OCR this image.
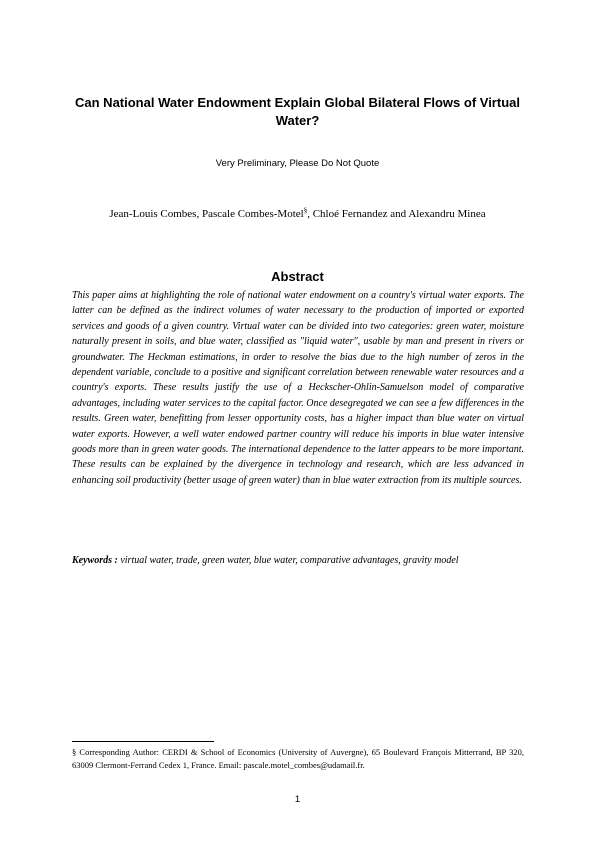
Can National Water Endowment Explain Global Bilateral Flows of Virtual Water?
Very Preliminary, Please Do Not Quote
Jean-Louis Combes, Pascale Combes-Motel§, Chloé Fernandez and Alexandru Minea
Abstract

This paper aims at highlighting the role of national water endowment on a country's virtual water exports. The latter can be defined as the indirect volumes of water necessary to the production of imported or exported services and goods of a given country. Virtual water can be divided into two categories: green water, moisture naturally present in soils, and blue water, classified as "liquid water", usable by man and present in rivers or groundwater. The Heckman estimations, in order to resolve the bias due to the high number of zeros in the dependent variable, conclude to a positive and significant correlation between renewable water resources and a country's exports. These results justify the use of a Heckscher-Ohlin-Samuelson model of comparative advantages, including water services to the capital factor. Once desegregated we can see a few differences in the results. Green water, benefitting from lesser opportunity costs, has a higher impact than blue water on virtual water exports. However, a well water endowed partner country will reduce his imports in blue water intensive goods more than in green water goods. The international dependence to the latter appears to be more important. These results can be explained by the divergence in technology and research, which are less advanced in enhancing soil productivity (better usage of green water) than in blue water extraction from its multiple sources.

Keywords : virtual water, trade, green water, blue water, comparative advantages, gravity model

§ Corresponding Author: CERDI & School of Economics (University of Auvergne), 65 Boulevard François Mitterrand, BP 320, 63009 Clermont-Ferrand Cedex 1, France. Email: pascale.motel_combes@udamail.fr.

1
